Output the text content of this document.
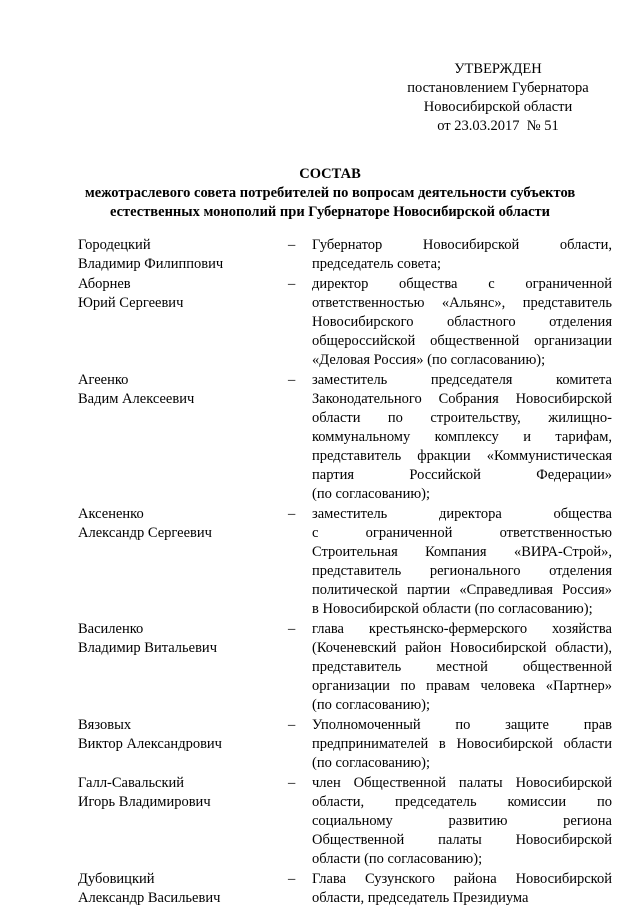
УТВЕРЖДЕН
постановлением Губернатора
Новосибирской области
от 23.03.2017  № 51
СОСТАВ
межотраслевого совета потребителей по вопросам деятельности субъектов
естественных монополий при Губернаторе Новосибирской области
Городецкий
Владимир Филиппович
–	Губернатор Новосибирской области,
председатель совета;
Аборнев
Юрий Сергеевич
–	директор общества с ограниченной
ответственностью «Альянс», представитель
Новосибирского областного отделения
общероссийской общественной организации
«Деловая Россия» (по согласованию);
Агеенко
Вадим Алексеевич
–	заместитель председателя комитета
Законодательного Собрания Новосибирской
области по строительству, жилищно-
коммунальному комплексу и тарифам,
представитель фракции «Коммунистическая
партия Российской Федерации»
(по согласованию);
Аксененко
Александр Сергеевич
–	заместитель директора общества
с ограниченной ответственностью
Строительная Компания «ВИРА-Строй»,
представитель регионального отделения
политической партии «Справедливая Россия»
в Новосибирской области (по согласованию);
Василенко
Владимир Витальевич
–	глава крестьянско-фермерского хозяйства
(Коченевский район Новосибирской области),
представитель местной общественной
организации по правам человека «Партнер»
(по согласованию);
Вязовых
Виктор Александрович
–	Уполномоченный по защите прав
предпринимателей в Новосибирской области
(по согласованию);
Галл-Савальский
Игорь Владимирович
–	член Общественной палаты Новосибирской
области, председатель комиссии по
социальному развитию региона
Общественной палаты Новосибирской
области (по согласованию);
Дубовицкий
Александр Васильевич
–	Глава Сузунского района Новосибирской
области, председатель Президиума
